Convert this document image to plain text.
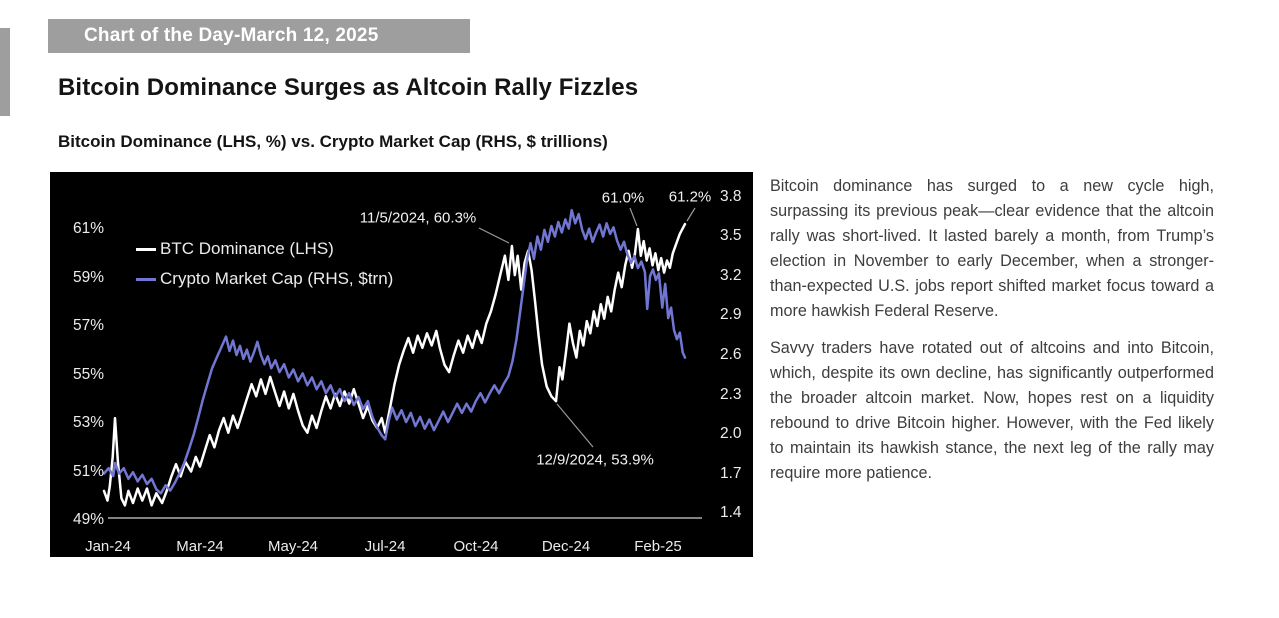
Chart of the Day-March 12, 2025
Bitcoin Dominance Surges as Altcoin Rally Fizzles
Bitcoin Dominance (LHS, %) vs. Crypto Market Cap (RHS, $ trillions)
BTC Dominance (LHS)
Crypto Market Cap (RHS, $trn)
61%
59%
57%
55%
53%
51%
49%
3.8
3.5
3.2
2.9
2.6
2.3
2.0
1.7
1.4
Jan-24	Mar-24	May-24	Jul-24	Oct-24	Dec-24	Feb-25
11/5/2024, 60.3%
61.0% 61.2%
12/9/2024, 53.9%

Bitcoin dominance has surged to a new cycle high, surpassing its previous peak—clear evidence that the altcoin rally was short-lived. It lasted barely a month, from Trump’s election in November to early December, when a stronger-than-expected U.S. jobs report shifted market focus toward a more hawkish Federal Reserve.

Savvy traders have rotated out of altcoins and into Bitcoin, which, despite its own decline, has significantly outperformed the broader altcoin market. Now, hopes rest on a liquidity rebound to drive Bitcoin higher. However, with the Fed likely to maintain its hawkish stance, the next leg of the rally may require more patience.
